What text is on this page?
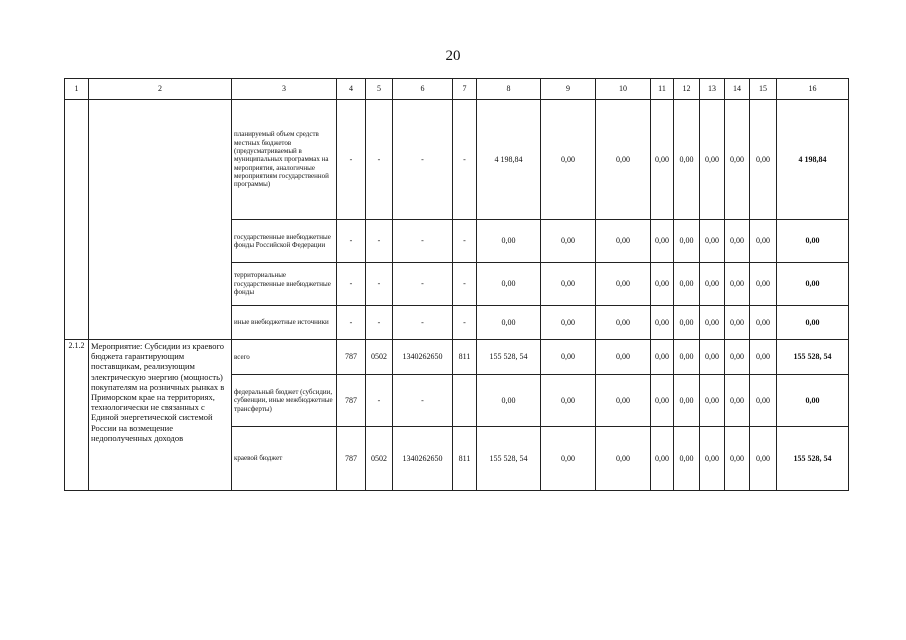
20
1	2	3	4	5	6	7	8	9	10	11	12	13	14	15	16
		планируемый объем средств местных бюджетов (предусматриваемый в муниципальных программах на мероприятия, аналогичные мероприятиям государственной программы)	-	-	-	-	4 198,84	0,00	0,00	0,00	0,00	0,00	0,00	0,00	4 198,84
		государственные внебюджетные фонды Российской Федерации	-	-	-	-	0,00	0,00	0,00	0,00	0,00	0,00	0,00	0,00	0,00
		территориальные государственные внебюджетные фонды	-	-	-	-	0,00	0,00	0,00	0,00	0,00	0,00	0,00	0,00	0,00
		иные внебюджетные источники	-	-	-	-	0,00	0,00	0,00	0,00	0,00	0,00	0,00	0,00	0,00
2.1.2	Мероприятие: Субсидии из краевого бюджета гарантирующим поставщикам, реализующим электрическую энергию (мощность) покупателям на розничных рынках в Приморском крае на территориях, технологически не связанных с Единой энергетической системой России на возмещение недополученных доходов	всего	787	0502	1340262650	811	155 528, 54	0,00	0,00	0,00	0,00	0,00	0,00	0,00	155 528, 54
		федеральный бюджет (субсидии, субвенции, иные межбюджетные трансферты)	787	-	-		0,00	0,00	0,00	0,00	0,00	0,00	0,00	0,00	0,00
		краевой бюджет	787	0502	1340262650	811	155 528, 54	0,00	0,00	0,00	0,00	0,00	0,00	0,00	155 528, 54
